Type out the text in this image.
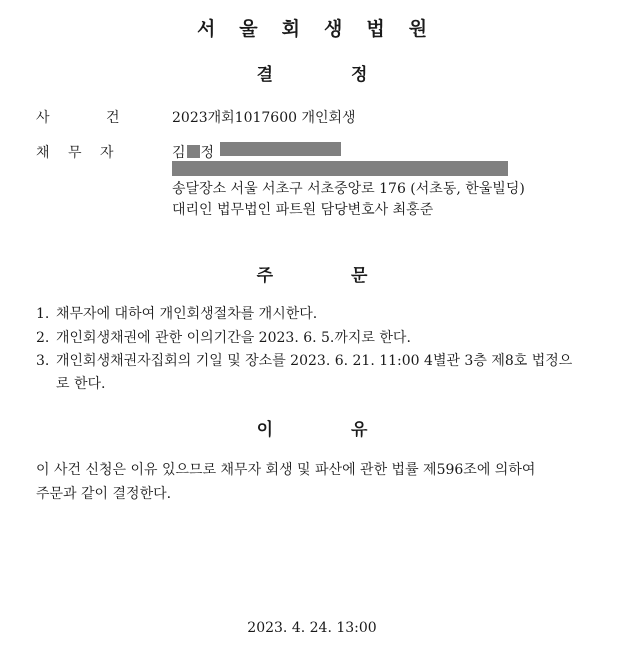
서울회생법원
결	정
사	건	2023개회1017600 개인회생
채 무 자	김 정
송달장소 서울 서초구 서초중앙로 176 (서초동, 한울빌딩)
대리인 법무법인 파트원 담당변호사 최홍준
주	문
1. 채무자에 대하여 개인회생절차를 개시한다.
2. 개인회생채권에 관한 이의기간을 2023. 6. 5.까지로 한다.
3. 개인회생채권자집회의 기일 및 장소를 2023. 6. 21. 11:00 4별관 3층 제8호 법정으
로 한다.
이	유
이 사건 신청은 이유 있으므로 채무자 회생 및 파산에 관한 법률 제596조에 의하여
주문과 같이 결정한다.
2023. 4. 24. 13:00
